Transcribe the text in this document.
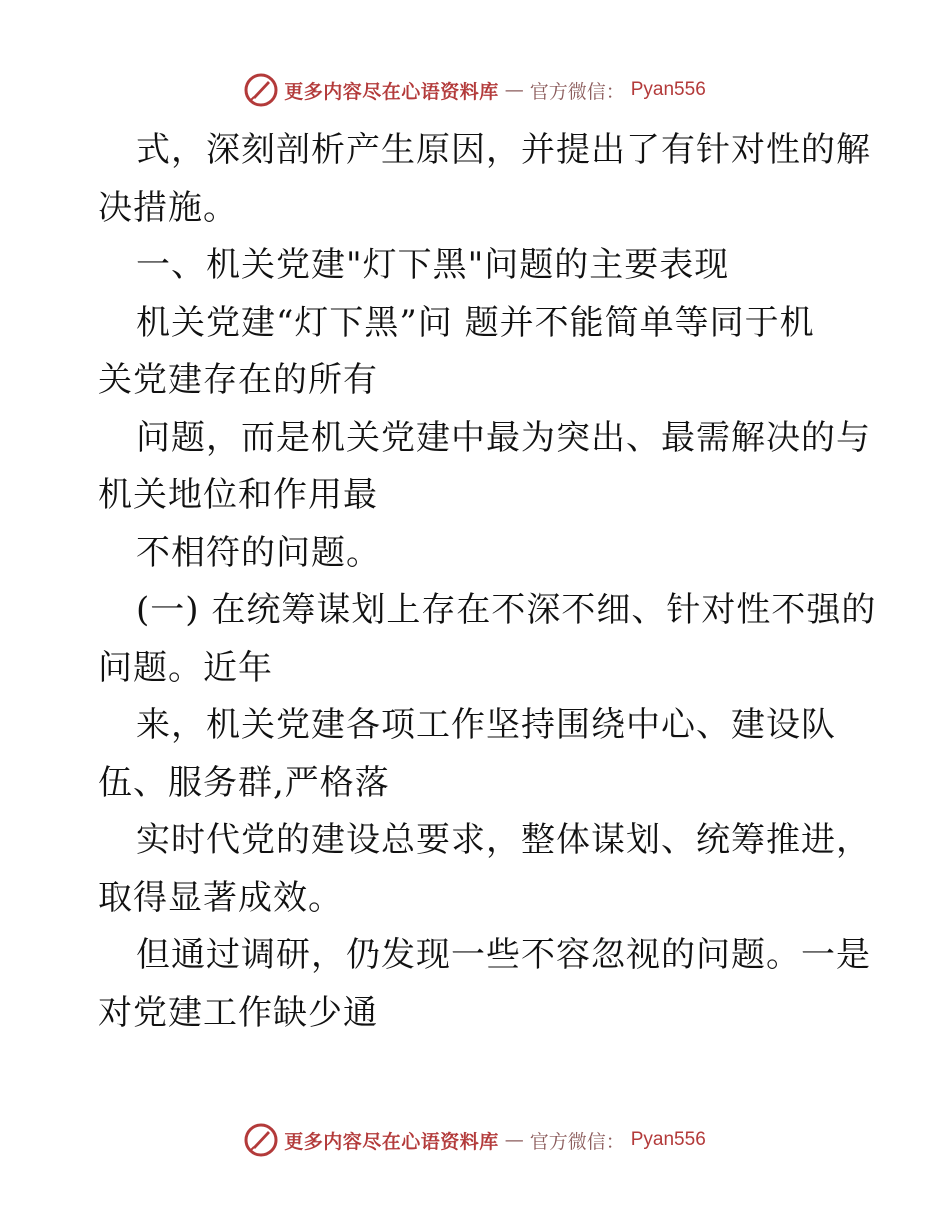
更多内容尽在心语资料库 — 官方微信： Pyan556
式，深刻剖析产生原因，并提出了有针对性的解
决措施。
一、机关党建"灯下黑"问题的主要表现
机关党建“灯下黑”问 题并不能简单等同于机
关党建存在的所有
问题，而是机关党建中最为突出、最需解决的与
机关地位和作用最
不相符的问题。
(一) 在统筹谋划上存在不深不细、针对性不强的
问题。近年
来，机关党建各项工作坚持围绕中心、建设队
伍、服务群,严格落
实时代党的建设总要求，整体谋划、统筹推进，
取得显著成效。
但通过调研，仍发现一些不容忽视的问题。一是
对党建工作缺少通
更多内容尽在心语资料库 — 官方微信： Pyan556
